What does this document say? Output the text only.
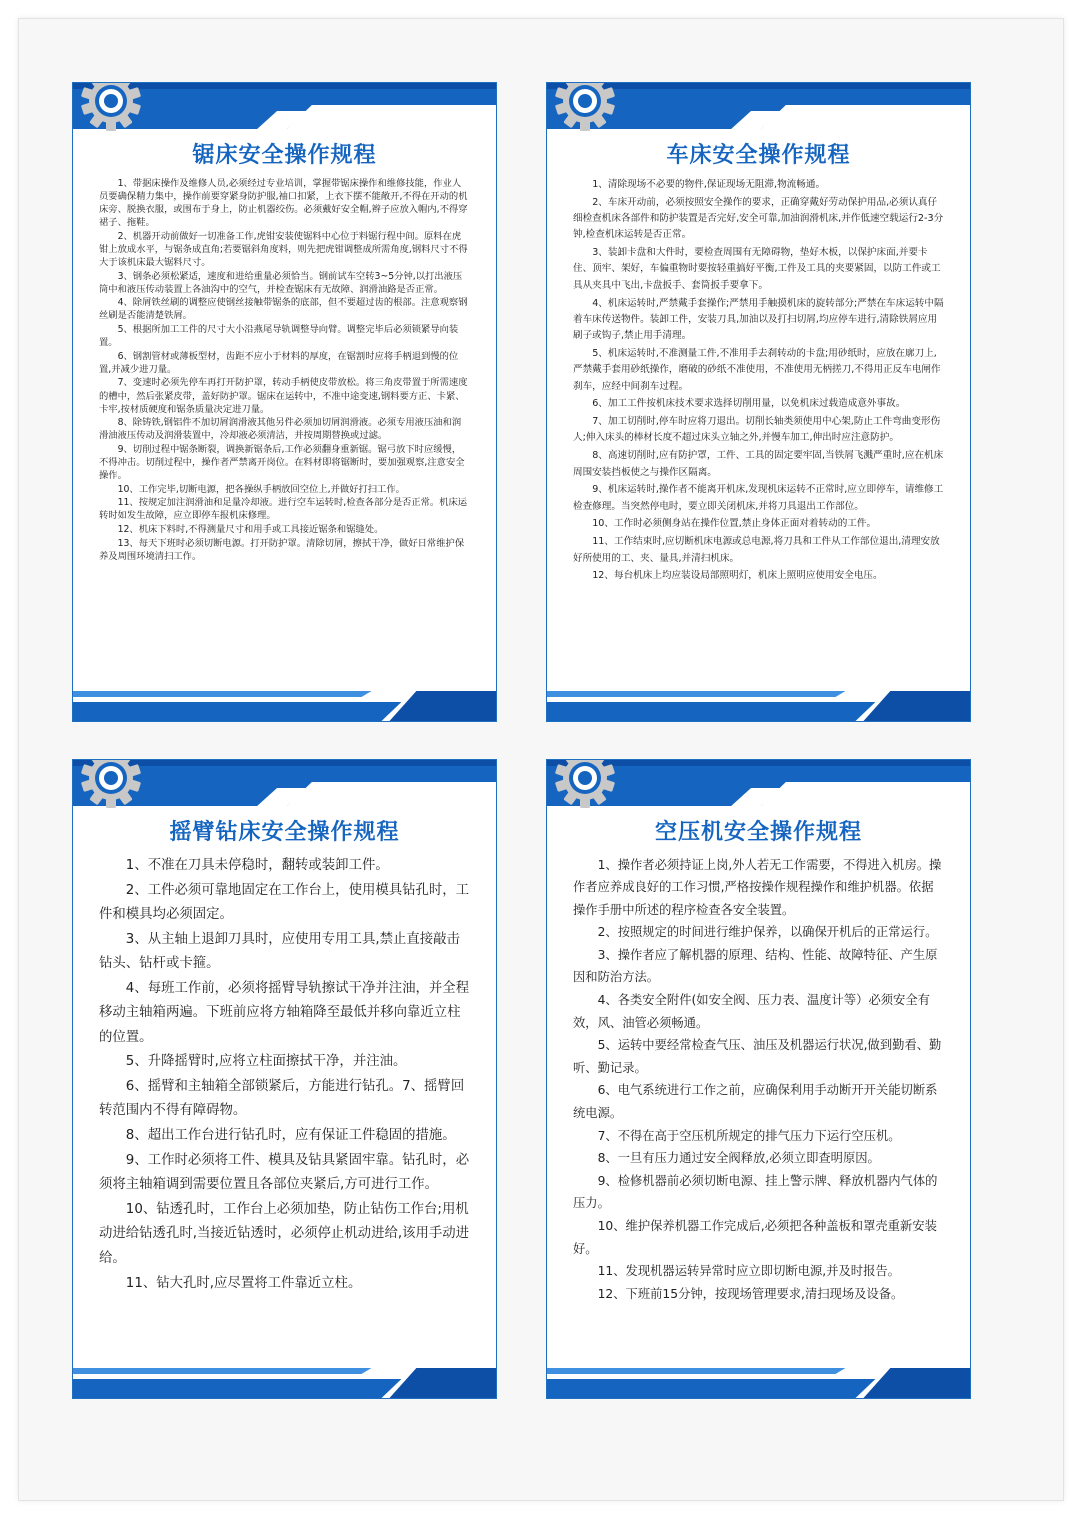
锯床安全操作规程

1、带据床操作及维修人员,必须经过专业培训，掌握带锯床操作和维修技能，作业人员要确保精力集中，操作前要穿紧身防护服,袖口扣紧，上衣下摆不能敞开,不得在开动的机床旁、脱换衣服，或围布于身上，防止机器绞伤。必须戴好安全帽,辫子应放入帽内,不得穿裙子、拖鞋。

2、机器开动前做好一切准备工作,虎钳安装使锯料中心位于料锯行程中间。原料在虎钳上放成水平，与锯条成直角;若要锯斜角度料，则先把虎钳调整成所需角度,钢料尺寸不得大于该机床最大锯料尺寸。

3、钢条必须松紧适，速度和进给重量必须恰当。钢前试车空转3~5分钟,以打出液压筒中和液压传动装置上各油沟中的空气，并检查锯床有无故障、润滑油路是否正常。

4、除屑铁丝刷的调整应使钢丝接触带锯条的底部，但不要超过齿的根部。注意观察钢丝刷是否能清楚铁屑。

5、根据所加工工件的尺寸大小沿燕尾导轨调整导向臂。调整完毕后必须锁紧导向装置。

6、钢割管材或薄板型材，齿距不应小于材料的厚度，在锯割时应将手柄退到慢的位置,并减少进刀量。

7、变速时必须先停车再打开防护罩，转动手柄使皮带放松。将三角皮带置于所需速度的槽中，然后张紧皮带，盖好防护罩。锯床在运转中，不准中途变速,钢料要方正、卡紧、卡牢,按材质硬度和锯条质量决定进刀量。

8、除铸铁,钢铝件不加切屑润滑液其他另件必须加切屑润滑液。必须专用液压油和润滑油液压传动及润滑装置中，冷却液必须清洁，并按周期替换或过滤。

9、切削过程中锯条断裂，调换新锯条后,工作必须翻身重新锯。锯弓放下时应缓慢，不得冲击。切削过程中，操作者严禁离开岗位。在料材即将锯断时，要加强观察,注意安全操作。

10、工作完毕,切断电源，把各操纵手柄放回空位上,并做好打扫工作。

11、按规定加注润滑油和足量冷却液。进行空车运转时,检查各部分是否正常。机床运转时如发生故障，应立即停车报机床修理。

12、机床下料时,不得测量尺寸和用手或工具接近锯条和锯缝处。

13、每天下班时必须切断电源。打开防护罩。清除切屑，擦拭干净，做好日常维护保养及周围环境清扫工作。

车床安全操作规程

1、清除现场不必要的物件,保证现场无阻滞,物流畅通。

2、车床开动前，必须按照安全操作的要求，正确穿戴好劳动保护用品,必须认真仔细检查机床各部件和防护装置是否完好,安全可靠,加油润滑机床,并作低速空载运行2-3分钟,检查机床运转是否正常。

3、装卸卡盘和大件时，要检查周围有无障碍物，垫好木板，以保护床面,并要卡住、顶牢、架好，车偏重物时要按轻重搞好平衡,工件及工具的夹要紧固，以防工件或工具从夹具中飞出,卡盘扳手、套筒扳手要拿下。

4、机床运转时,严禁戴手套操作;严禁用手触摸机床的旋转部分;严禁在车床运转中隔着车床传送物件。装卸工件，安装刀具,加油以及打扫切屑,均应停车进行,清除铁屑应用刷子或钩子,禁止用手清理。

5、机床运转时,不准测量工件,不准用手去刹转动的卡盘;用砂纸时，应放在廓刀上,严禁戴手套用砂纸操作，磨破的砂纸不准使用，不准使用无柄搓刀,不得用正反车电闸作刹车，应经中间刹车过程。

6、加工工件按机床技术要求选择切削用量，以免机床过载造成意外事故。

7、加工切削时,停车时应将刀退出。切削长轴类须使用中心架,防止工件弯曲变形伤人;伸入床头的棒材长度不超过床头立轴之外,并慢车加工,伸出时应注意防护。

8、高速切削时,应有防护罩，工件、工具的固定要牢固,当铁屑飞溅严重时,应在机床周围安装挡板使之与操作区隔离。

9、机床运转时,操作者不能离开机床,发现机床运转不正常时,应立即停车，请维修工检查修理。当突然停电时，要立即关闭机床,并将刀具退出工作部位。

10、工作时必须侧身站在操作位置,禁止身体正面对着转动的工件。

11、工作结束时,应切断机床电源或总电源,将刀具和工件从工作部位退出,清理安放好所使用的工、夹、量具,并清扫机床。

12、每台机床上均应装设局部照明灯，机床上照明应使用安全电压。

摇臂钻床安全操作规程

1、不准在刀具未停稳时，翻转或装卸工件。

2、工件必须可靠地固定在工作台上，使用模具钻孔时，工件和模具均必须固定。

3、从主轴上退卸刀具时，应使用专用工具,禁止直接敲击钻头、钻杆或卡箍。

4、每班工作前，必须将摇臂导轨擦试干净并注油，并全程移动主轴箱两遍。下班前应将方轴箱降至最低并移向靠近立柱的位置。

5、升降摇臂时,应将立柱面擦拭干净，并注油。

6、摇臂和主轴箱全部锁紧后，方能进行钻孔。7、摇臂回转范围内不得有障碍物。

8、超出工作台进行钻孔时，应有保证工件稳固的措施。

9、工作时必须将工件、模具及钻具紧固牢靠。钻孔时，必须将主轴箱调到需要位置且各部位夹紧后,方可进行工作。

10、钻透孔时，工作台上必须加垫，防止钻伤工作台;用机动进给钻透孔时,当接近钻透时，必须停止机动进给,该用手动进给。

11、钻大孔时,应尽置将工件靠近立柱。

空压机安全操作规程

1、操作者必须持证上岗,外人若无工作需要，不得进入机房。操作者应养成良好的工作习惯,严格按操作规程操作和维护机器。依据操作手册中所述的程序检查各安全装置。

2、按照规定的时间进行维护保养，以确保开机后的正常运行。

3、操作者应了解机器的原理、结构、性能、故障特征、产生原因和防治方法。

4、各类安全附件(如安全阀、压力表、温度计等）必须安全有效，风、油管必须畅通。

5、运转中要经常检查气压、油压及机器运行状况,做到勤看、勤听、勤记录。

6、电气系统进行工作之前，应确保利用手动断开开关能切断系统电源。

7、不得在高于空压机所规定的排气压力下运行空压机。

8、一旦有压力通过安全阀释放,必须立即查明原因。

9、检修机器前必须切断电源、挂上警示牌、释放机器内气体的压力。

10、维护保养机器工作完成后,必须把各种盖板和罩壳重新安装好。

11、发现机器运转异常时应立即切断电源,并及时报告。

12、下班前15分钟，按现场管理要求,清扫现场及设备。
